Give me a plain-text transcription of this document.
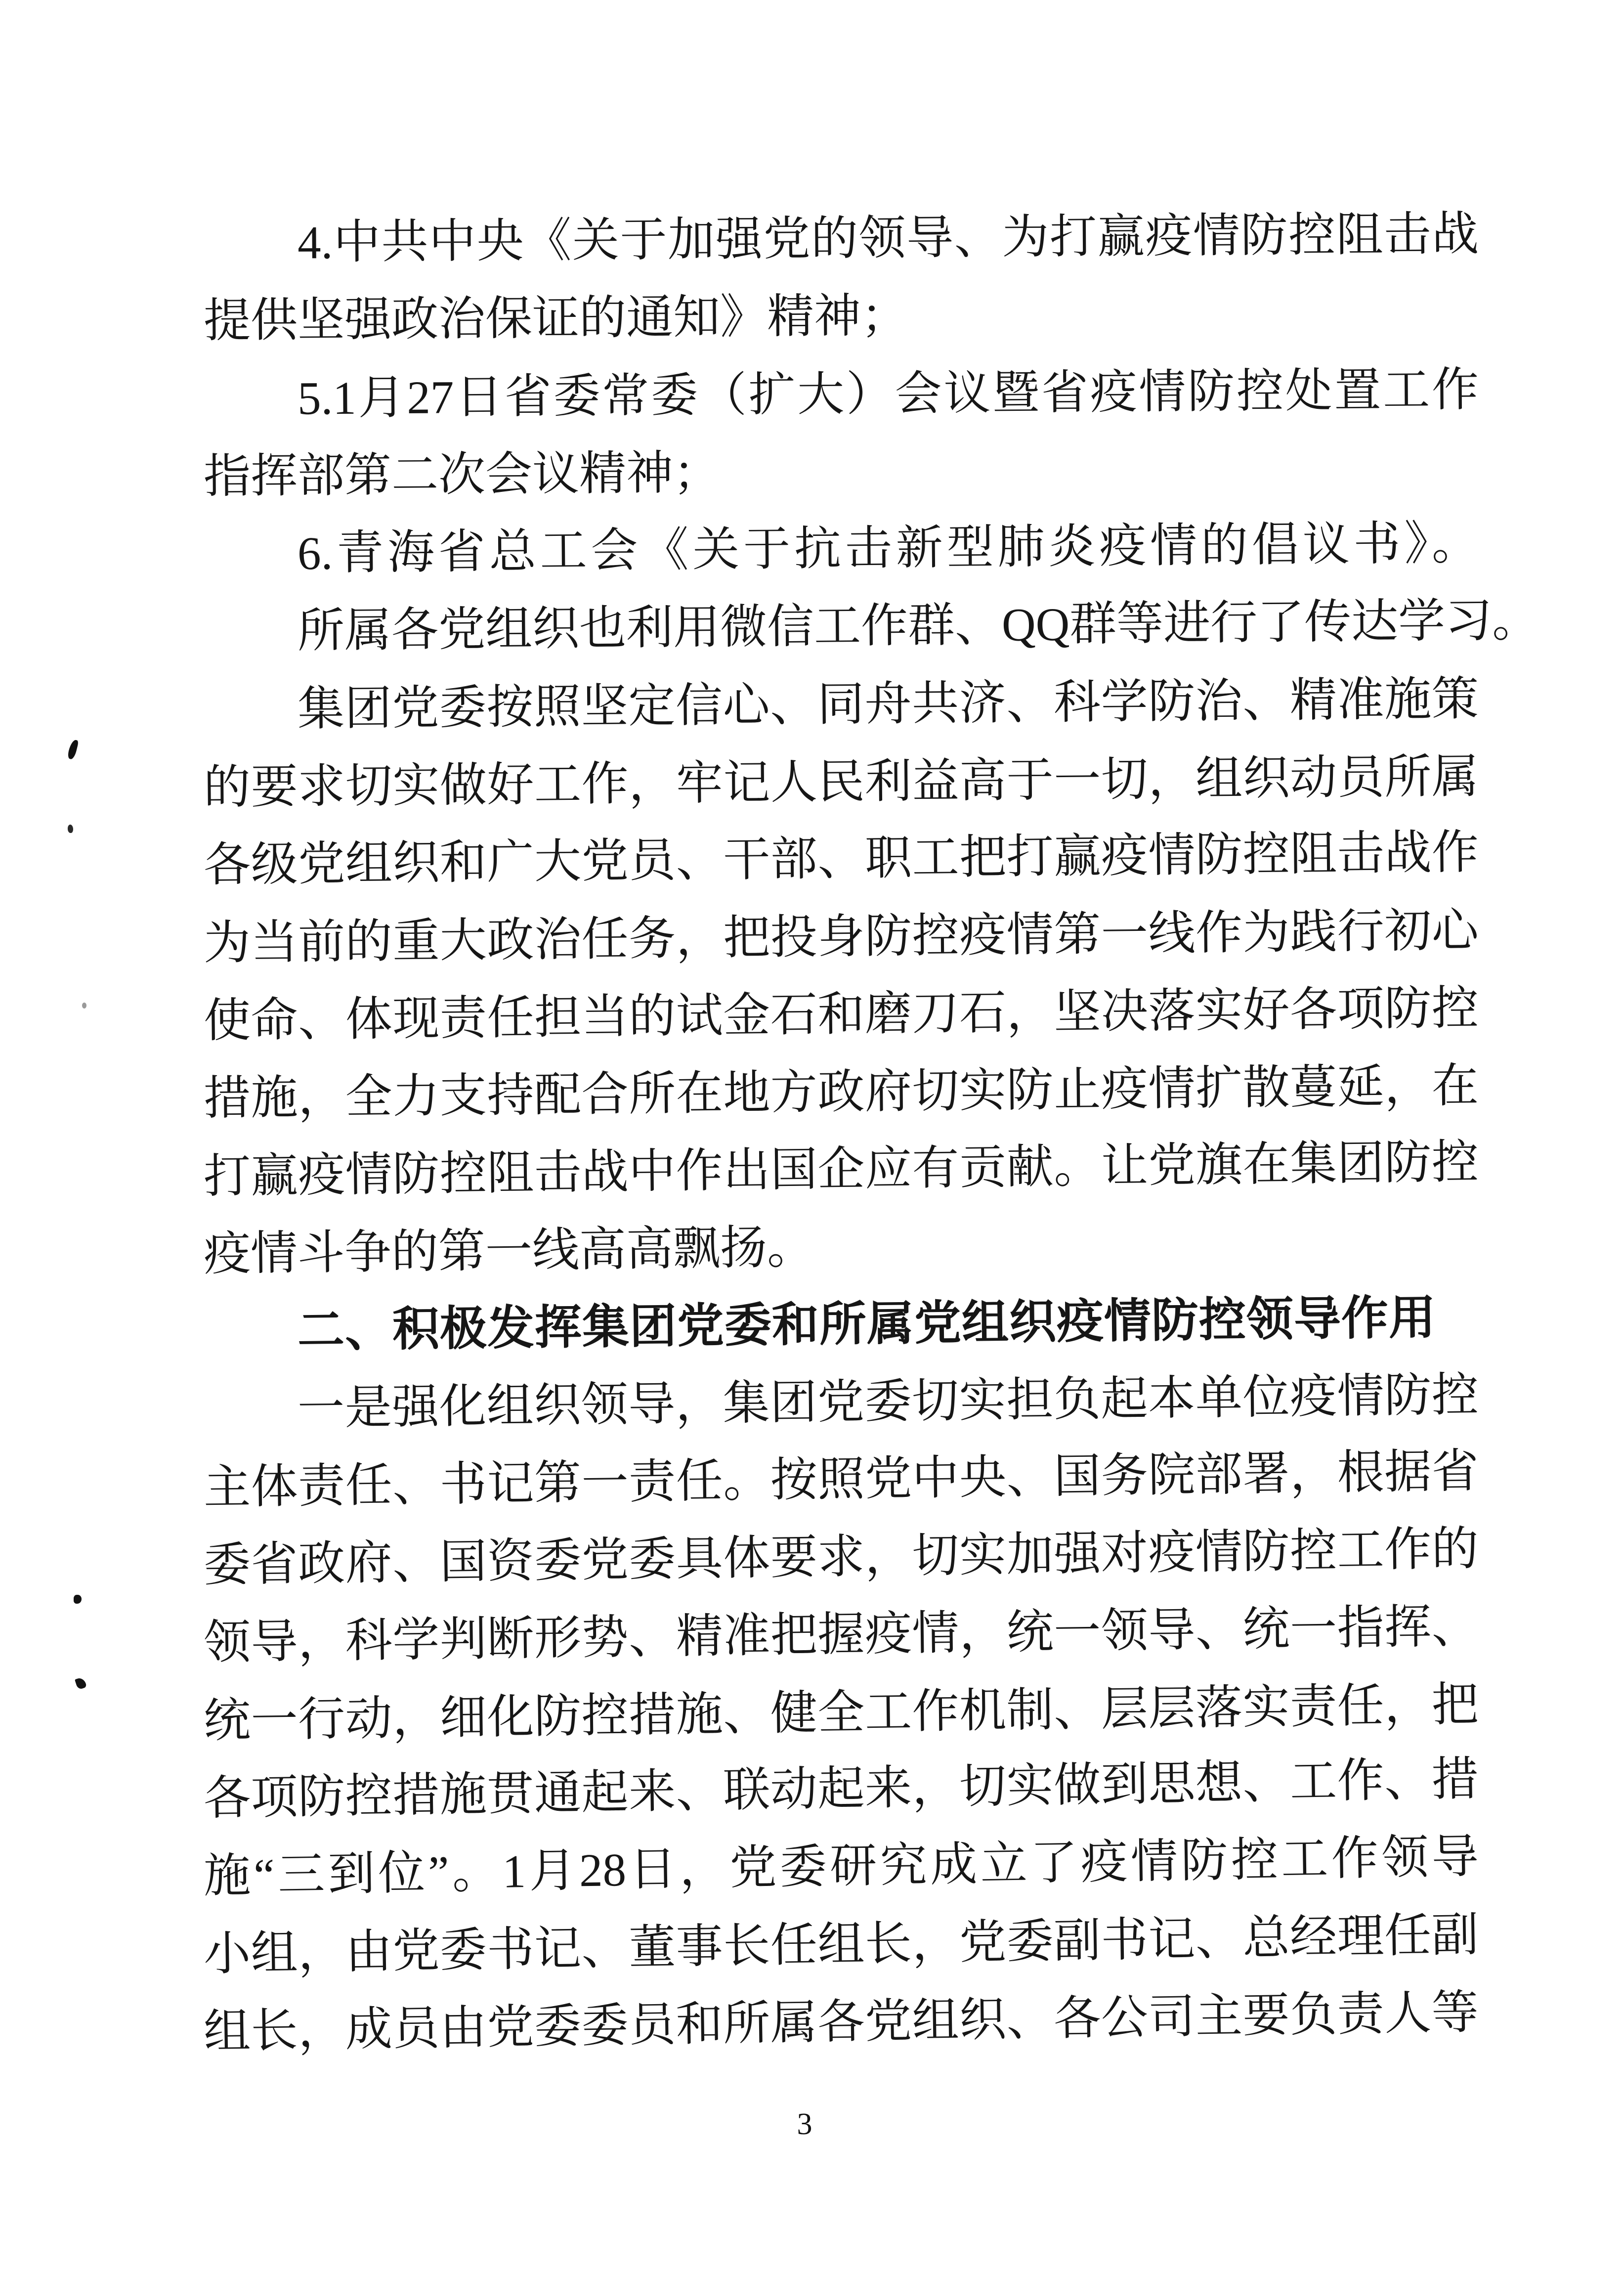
4.中共中央《关于加强党的领导、为打赢疫情防控阻击战
提供坚强政治保证的通知》精神；
5.1月27日省委常委（扩大）会议暨省疫情防控处置工作
指挥部第二次会议精神；
6.青海省总工会《关于抗击新型肺炎疫情的倡议书》。
所属各党组织也利用微信工作群、QQ群等进行了传达学习。
集团党委按照坚定信心、同舟共济、科学防治、精准施策
的要求切实做好工作，牢记人民利益高于一切，组织动员所属
各级党组织和广大党员、干部、职工把打赢疫情防控阻击战作
为当前的重大政治任务，把投身防控疫情第一线作为践行初心
使命、体现责任担当的试金石和磨刀石，坚决落实好各项防控
措施，全力支持配合所在地方政府切实防止疫情扩散蔓延，在
打赢疫情防控阻击战中作出国企应有贡献。让党旗在集团防控
疫情斗争的第一线高高飘扬。
二、积极发挥集团党委和所属党组织疫情防控领导作用
一是强化组织领导，集团党委切实担负起本单位疫情防控
主体责任、书记第一责任。按照党中央、国务院部署，根据省
委省政府、国资委党委具体要求，切实加强对疫情防控工作的
领导，科学判断形势、精准把握疫情，统一领导、统一指挥、
统一行动，细化防控措施、健全工作机制、层层落实责任，把
各项防控措施贯通起来、联动起来，切实做到思想、工作、措
施“三到位”。1月28日，党委研究成立了疫情防控工作领导
小组，由党委书记、董事长任组长，党委副书记、总经理任副
组长，成员由党委委员和所属各党组织、各公司主要负责人等
3
